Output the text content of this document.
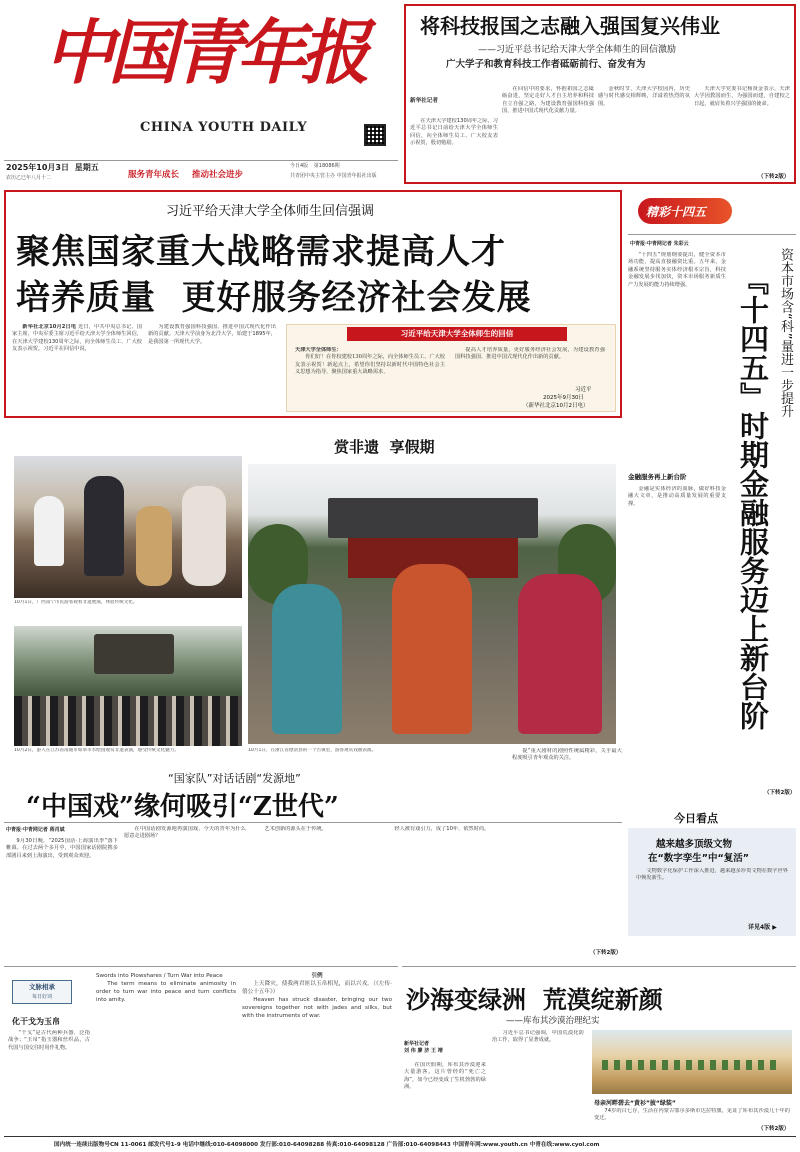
中国青年报
CHINA YOUTH DAILY
2025年10月3日 星期五
农历乙巳年八月十二	服务青年成长 推动社会进步
今日4版 第18086期
共青团中央主管主办 中国青年报社出版
将科技报国之志融入强国复兴伟业
——习近平总书记给天津大学全体师生的回信激励
广大学子和教育科技工作者砥砺前行、奋发有为
新华社记者

在天津大学建校130周年之际，习近平总书记日前给天津大学全体师生回信，向全体师生员工、广大校友表示祝贺，殷切勉励。

在回信中的要求，怀抱祖国之志砥砺奋进，坚定走好人才自主培养和科技自立自强之路，为建设教育强国科技强国，推进中国式现代化贡献力量。

金秋时节，天津大学校园内，历史感与时代感交相辉映，洋溢着热烈的氛围。

天津大学党委书记杨贤金表示，天津大学因教国而生，为强国而建，自建校之日起，就肩负着兴学强国的使命。

（下转2版）
习近平给天津大学全体师生回信强调
聚焦国家重大战略需求提高人才
培养质量  更好服务经济社会发展

新华社北京10月2日电 近日，中共中央总书记、国家主席、中央军委主席习近平给天津大学全体师生回信，在天津大学建校130周年之际，向全体师生员工、广大校友表示祝贺。习近平在回信中说，

为建设教育强国科技强国、推进中国式现代化作出新的贡献。天津大学前身为北洋大学，始建于1895年，是我国第一所现代大学。

习近平给天津大学全体师生的回信
天津大学全体师生：

你们好！在你校建校130周年之际，向全体师生员工、广大校友表示祝贺！新起点上，希望你们坚持以新时代中国特色社会主义思想为指导，聚焦国家重大战略需求，

提高人才培养质量，更好服务经济社会发展，为建设教育强国科技强国、推进中国式现代化作出新的贡献。

习近平
2025年9月30日
（新华社北京10月2日电）
赏非遗  享假期
10月1日，广西南宁市民游客观看非遗展演，体验传统文化。
10月2日，游人在江苏省南通市如皋市水绘园观赏非遗表演，感受传统文化魅力。	10月1日，在浙江省德清县的一个古镇里，游客观赏戏曲表演。
精彩十四五
中青报·中青网记者 朱彩云

“十四五”规划纲要提出，健全资本市场功能，提高直接融资比重。五年来，金融系统坚持服务实体经济根本宗旨，科技金融发展步伐加快，资本市场服务新质生产力发展的能力持续增强。

金融服务再上新台阶

金融是实体经济的血脉，做好科技金融大文章，是推动高质量发展的重要支撑。

（下转2版）
资本市场含“科”量进一步提升
『十四五』时期金融服务迈上新台阶
今日看点
越来越多顶级文物
在“数字孪生”中“复活”

文物数字化保护工作深入推进，越来越多珍贵文物在数字世界中焕发新生。

详见4版 ▶
“国家队”对话话剧“发源地”
“中国戏”缘何吸引“Z世代”
中青报·中青网记者 蒋肖斌

9月30日晚，“2025国话·上海演出季”落下帷幕。在过去两个多月中，中国国家话剧院携多部剧目来到上海演出，受到观众欢迎。

在中国话剧发源地再演国戏，今天的青年为什么愿意走进剧场？

艺术创新的源头在于传统。	轻人被有戏引力，成了10年、依然时尚。

提“重大剧材的剧照性统属精彩，关乎最大程度吸引青年观众的关注。

（下转2版）
文脉相承
每日好词
化干戈为玉帛

“干戈”是古代两种兵器，泛指战争；“玉帛”指玉器和丝织品，古代国与国交往时用作礼物。

Swords into Plowshares / Turn War into Peace

The term means to eliminate animosity in order to turn war into peace and turn conflicts into amity.

引例

上天降灾，使我两君匪以玉帛相见，而以兴戎。（《左传·僖公十五年》）

Heaven has struck disaster, bringing our two sovereigns together not with jades and silks, but with the instruments of war.

沙海变绿洲  荒漠绽新颜
——库布其沙漠治理纪实
新华社记者
刘 伟 廖 济 王 靖

在国庆假期，库布其沙漠迎来大量游客。这片曾经的“死亡之海”，如今已经变成了生机勃勃的绿洲。

习近平总书记强调，中国荒漠化防治工作，取得了显著成就。

母亲河畔碧去“黄衫”披“绿装”

74岁的白七存，生活在内蒙古鄂尔多斯市达拉特旗，见证了库布其沙漠几十年的变迁。

（下转2版）
国内统一连续出版物号CN 11-0061 邮发代号1-9 电话中继线:010-64098000 发行部:010-64098288 传真:010-64098128 广告部:010-64098443 中国青年网:www.youth.cn 中青在线:www.cyol.com
